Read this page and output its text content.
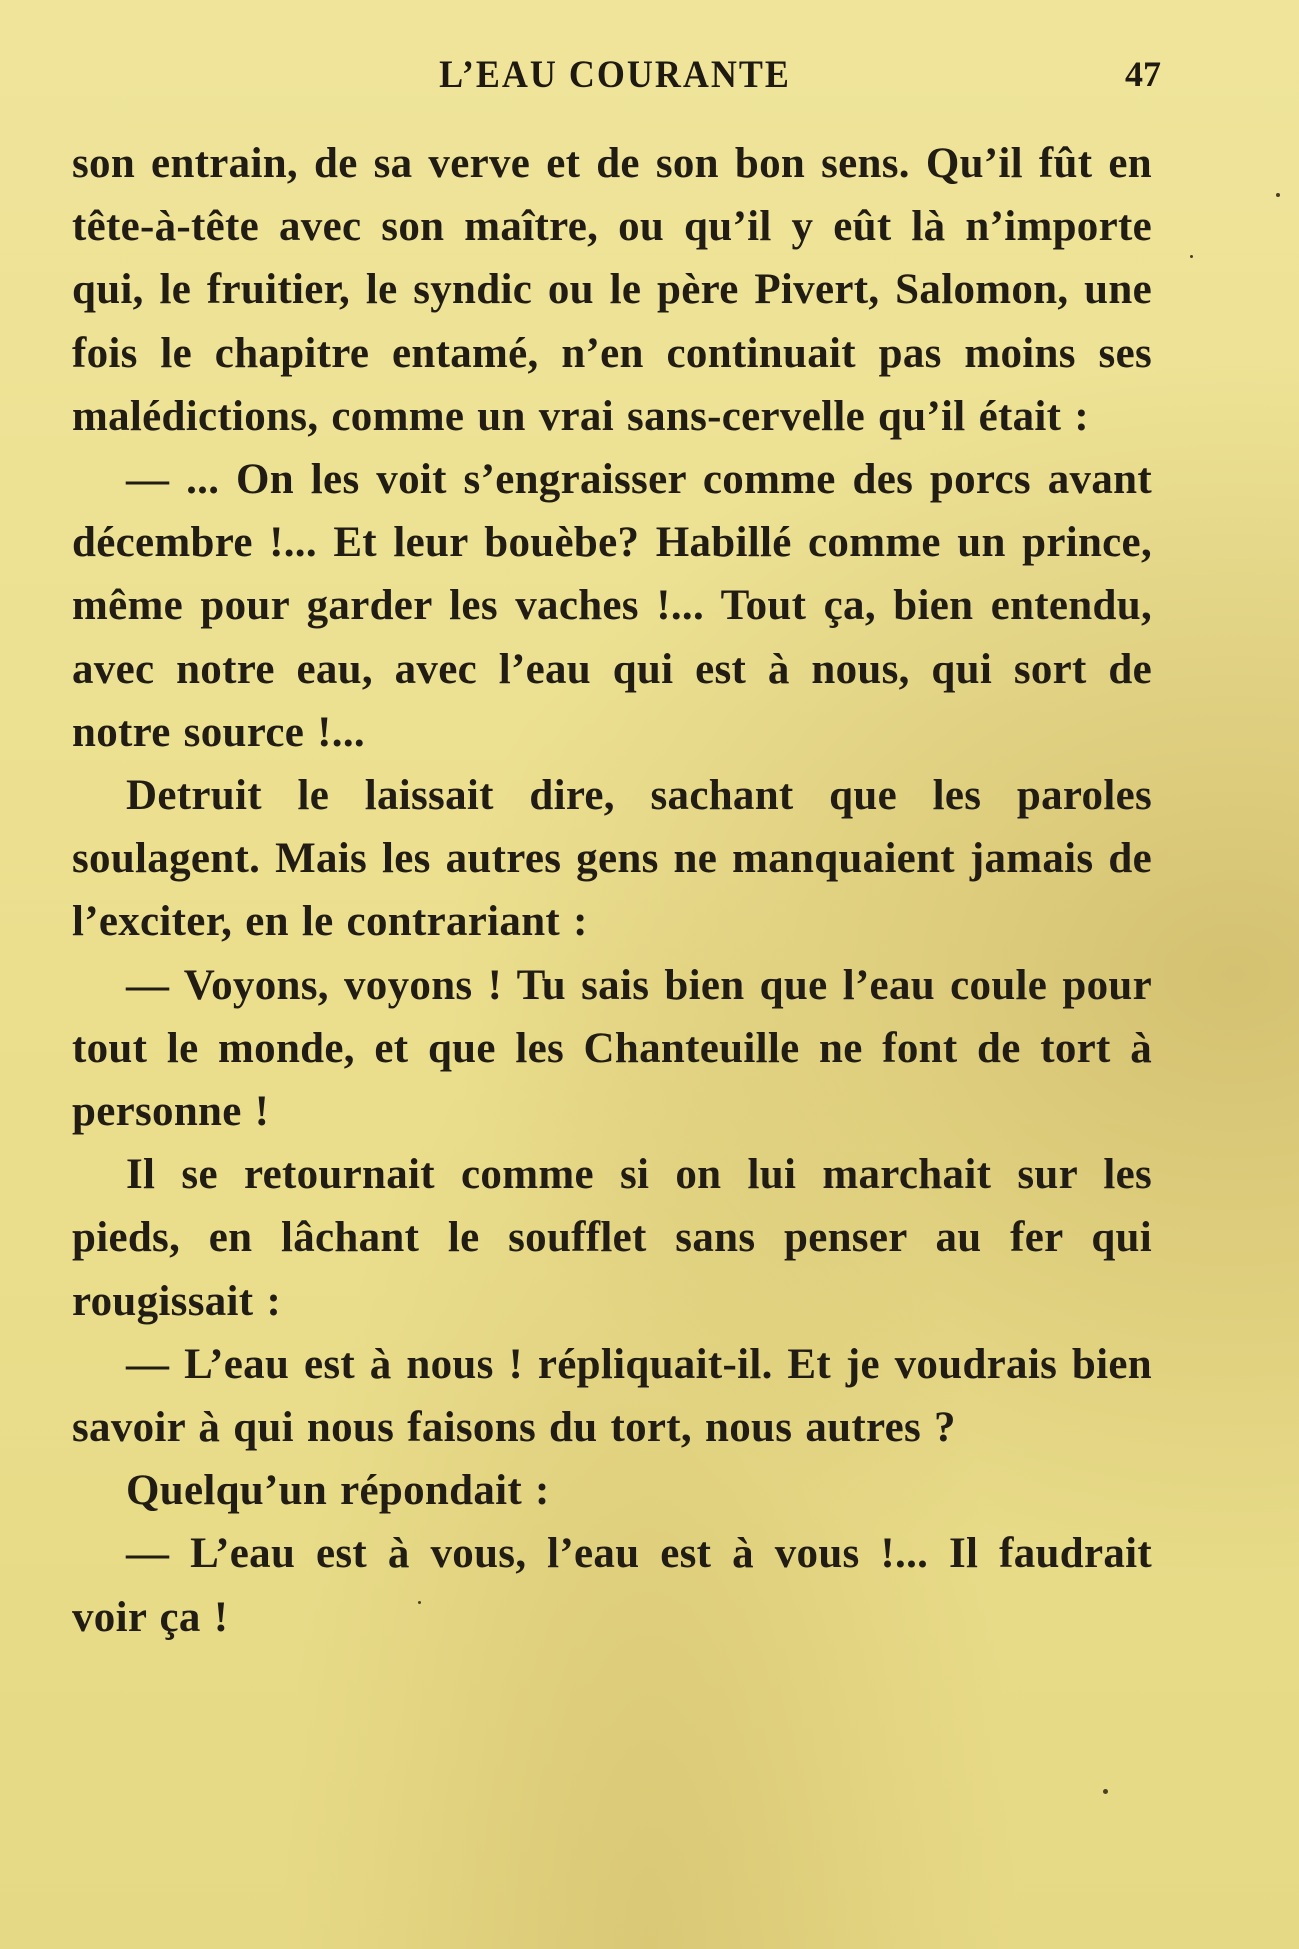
L’EAU COURANTE	47

son entrain, de sa verve et de son bon sens. Qu’il fût en tête-à-tête avec son maître, ou qu’il y eût là n’importe qui, le fruitier, le syndic ou le père Pivert, Salomon, une fois le chapitre entamé, n’en continuait pas moins ses malédictions, comme un vrai sans-cervelle qu’il était :

— ... On les voit s’engraisser comme des porcs avant décembre !... Et leur bouèbe? Habillé comme un prince, même pour garder les vaches !... Tout ça, bien entendu, avec notre eau, avec l’eau qui est à nous, qui sort de notre source !...

Detruit le laissait dire, sachant que les paroles soulagent. Mais les autres gens ne manquaient jamais de l’exciter, en le contrariant :

— Voyons, voyons ! Tu sais bien que l’eau coule pour tout le monde, et que les Chanteuille ne font de tort à personne !

Il se retournait comme si on lui marchait sur les pieds, en lâchant le soufflet sans penser au fer qui rougissait :

— L’eau est à nous ! répliquait-il. Et je voudrais bien savoir à qui nous faisons du tort, nous autres ?

Quelqu’un répondait :

— L’eau est à vous, l’eau est à vous !... Il faudrait voir ça !
